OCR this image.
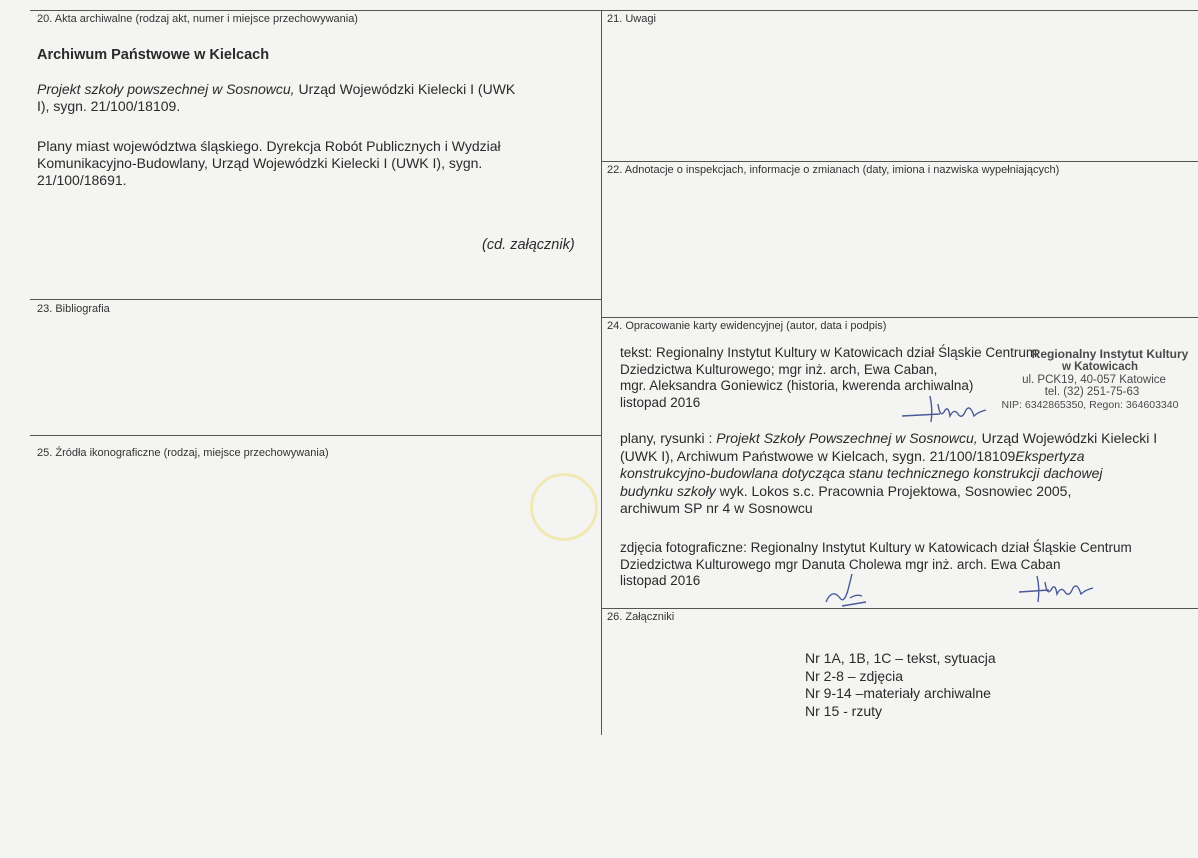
20. Akta archiwalne (rodzaj akt, numer i miejsce przechowywania)
Archiwum Państwowe w Kielcach
Projekt szkoły powszechnej w Sosnowcu, Urząd Wojewódzki Kielecki I (UWK
I), sygn. 21/100/18109.
Plany miast województwa śląskiego. Dyrekcja Robót Publicznych i Wydział
Komunikacyjno-Budowlany, Urząd Wojewódzki Kielecki I (UWK I), sygn.
21/100/18691.
(cd. załącznik)
21. Uwagi
22. Adnotacje o inspekcjach, informacje o zmianach (daty, imiona i nazwiska wypełniających)
23. Bibliografia
24. Opracowanie karty ewidencyjnej (autor, data i podpis)
tekst: Regionalny Instytut Kultury w Katowicach dział Śląskie Centrum
Dziedzictwa Kulturowego; mgr inż. arch, Ewa Caban,
mgr. Aleksandra Goniewicz (historia, kwerenda archiwalna)
listopad 2016
Regionalny Instytut Kultury
w Katowicach
ul. PCK19, 40-057 Katowice
tel. (32) 251-75-63
NIP: 6342865350, Regon: 364603340
plany, rysunki : Projekt Szkoły Powszechnej w Sosnowcu, Urząd Wojewódzki Kielecki I
(UWK I), Archiwum Państwowe w Kielcach, sygn. 21/100/18109Ekspertyza
konstrukcyjno-budowlana dotycząca stanu technicznego konstrukcji dachowej
budynku szkoły wyk. Lokos s.c. Pracownia Projektowa, Sosnowiec 2005,
archiwum SP nr 4 w Sosnowcu
zdjęcia fotograficzne: Regionalny Instytut Kultury w Katowicach dział Śląskie Centrum
Dziedzictwa Kulturowego mgr Danuta Cholewa mgr inż. arch. Ewa Caban
listopad 2016
25. Źródła ikonograficzne (rodzaj, miejsce przechowywania)
26. Załączniki
Nr 1A, 1B, 1C – tekst, sytuacja
Nr 2-8 – zdjęcia
Nr 9-14 –materiały archiwalne
Nr 15 - rzuty
